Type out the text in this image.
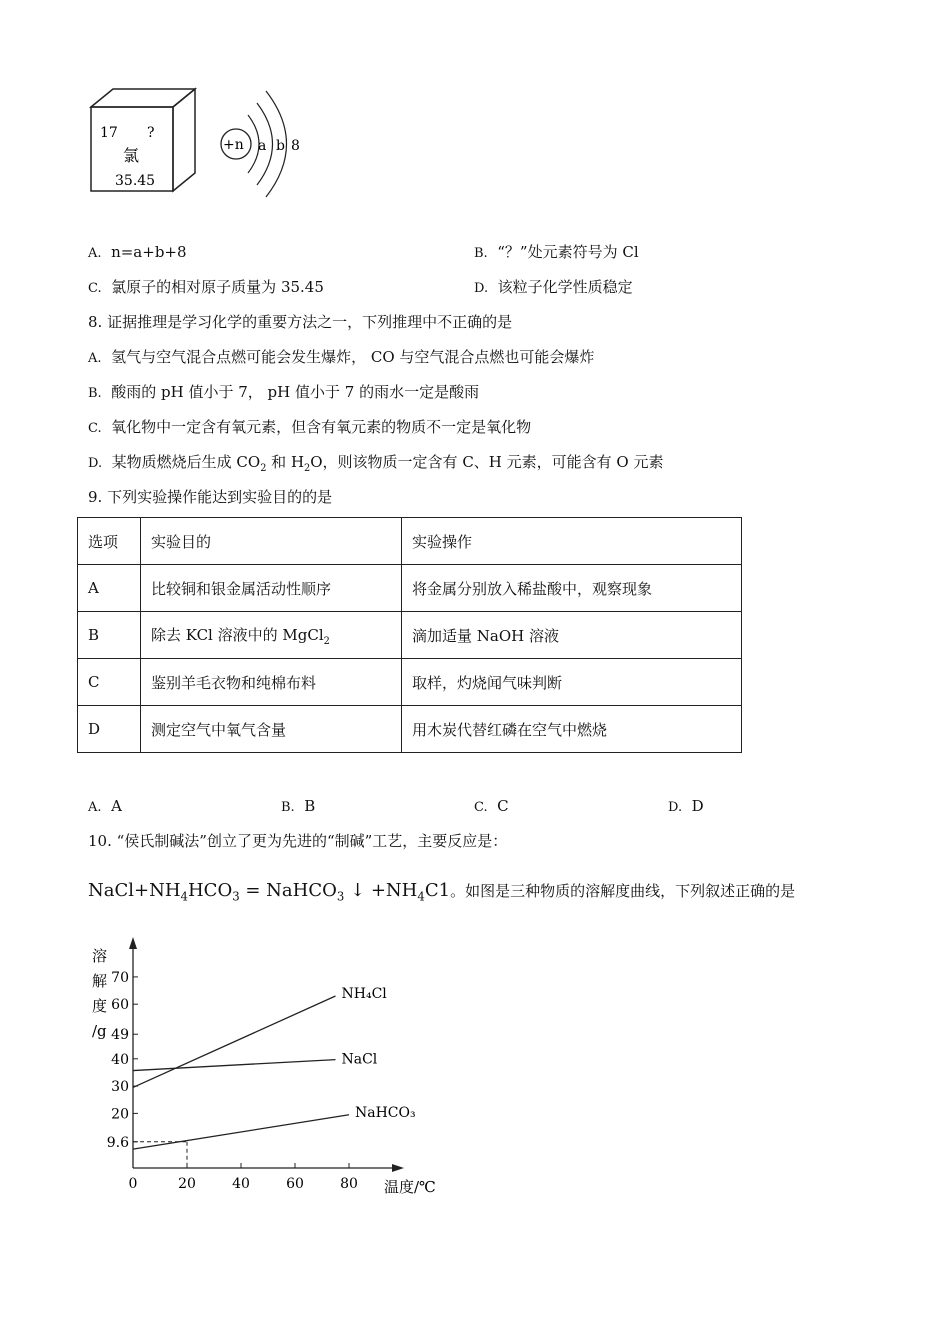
17 ?
氯
35.45
+n a b 8
A. n=a+b+8	B. “？”处元素符号为 Cl
C. 氯原子的相对原子质量为 35.45	D. 该粒子化学性质稳定
8. 证据推理是学习化学的重要方法之一，下列推理中不正确的是
A. 氢气与空气混合点燃可能会发生爆炸， CO 与空气混合点燃也可能会爆炸
B. 酸雨的 pH 值小于 7， pH 值小于 7 的雨水一定是酸雨
C. 氧化物中一定含有氧元素，但含有氧元素的物质不一定是氧化物
D. 某物质燃烧后生成 $CO_2$ 和 $H_2O$，则该物质一定含有 C、H 元素，可能含有 O 元素
9. 下列实验操作能达到实验目的的是
选项	实验目的	实验操作
A	比较铜和银金属活动性顺序	将金属分别放入稀盐酸中，观察现象
B	除去 KCl 溶液中的 MgCl$_2$	滴加适量 NaOH 溶液
C	鉴别羊毛衣物和纯棉布料	取样，灼烧闻气味判断
D	测定空气中氧气含量	用木炭代替红磷在空气中燃烧
A. A	B. B	C. C	D. D
10. “侯氏制碱法”创立了更为先进的“制碱”工艺，主要反应是：
$NaCl+NH_4HCO_3$ = NaHCO$_3$ ↓ $+NH_4C1$。如图是三种物质的溶解度曲线，下列叙述正确的是
0	20	40	60	80
9.6
20
30
40
49
60
70
溶
解
度
/g
温度/℃
NH₄Cl
NaCl
NaHCO₃
